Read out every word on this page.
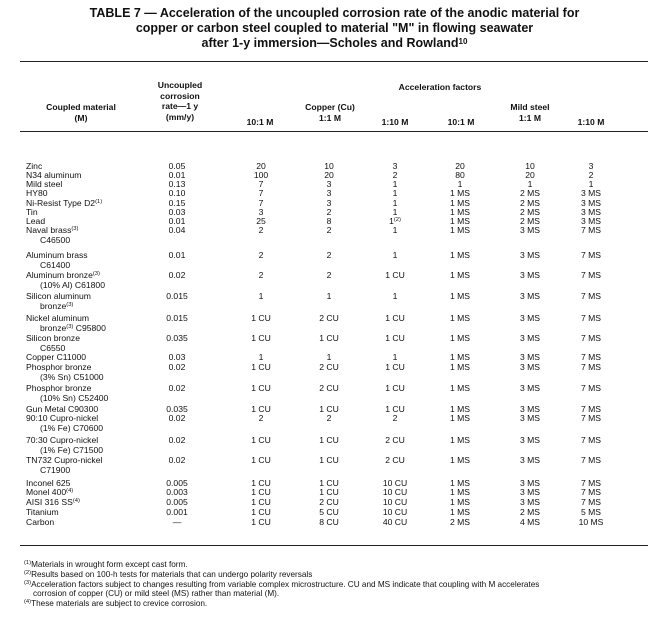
TABLE 7 — Acceleration of the uncoupled corrosion rate of the anodic material for
copper or carbon steel coupled to material "M" in flowing seawater
after 1-y immersion—Scholes and Rowland$^{10}$
Coupled material
(M)
Uncoupled
corrosion
rate—1 y
(mm/y)
Acceleration factors
Copper (Cu)	Mild steel
10:1 M	1:1 M	1:10 M	10:1 M	1:1 M	1:10 M
Zinc	0.05	20	10	3	20	10	3
N34 aluminum	0.01	100	20	2	80	20	2
Mild steel	0.13	7	3	1	1	1	1
HY80	0.10	7	3	1	1 MS	2 MS	3 MS
Ni-Resist Type D2$^{(1)}$	0.15	7	3	1	1 MS	2 MS	3 MS
Tin	0.03	3	2	1	1 MS	2 MS	3 MS
Lead	0.01	25	8	1$^{(2)}$	1 MS	2 MS	3 MS
Naval brass$^{(3)}$
C46500
0.04	2	2	1	1 MS	3 MS	7 MS
Aluminum brass
C61400
0.01	2	2	1	1 MS	3 MS	7 MS
Aluminum bronze$^{(3)}$
(10% Al) C61800
0.02	2	2	1 CU	1 MS	3 MS	7 MS
Silicon aluminum
bronze$^{(3)}$
0.015	1	1	1	1 MS	3 MS	7 MS
Nickel aluminum
bronze$^{(3)}$ C95800
0.015	1 CU	2 CU	1 CU	1 MS	3 MS	7 MS
Silicon bronze
C6550
0.035	1 CU	1 CU	1 CU	1 MS	3 MS	7 MS
Copper C11000	0.03	1	1	1	1 MS	3 MS	7 MS
Phosphor bronze
(3% Sn) C51000
0.02	1 CU	2 CU	1 CU	1 MS	3 MS	7 MS
Phosphor bronze
(10% Sn) C52400
0.02	1 CU	2 CU	1 CU	1 MS	3 MS	7 MS
Gun Metal C90300	0.035	1 CU	1 CU	1 CU	1 MS	3 MS	7 MS
90:10 Cupro-nickel
(1% Fe) C70600
0.02	2	2	2	1 MS	3 MS	7 MS
70:30 Cupro-nickel
(1% Fe) C71500
0.02	1 CU	1 CU	2 CU	1 MS	3 MS	7 MS
TN732 Cupro-nickel
C71900
0.02	1 CU	1 CU	2 CU	1 MS	3 MS	7 MS
Inconel 625	0.005	1 CU	1 CU	10 CU	1 MS	3 MS	7 MS
Monel 400$^{(4)}$	0.003	1 CU	1 CU	10 CU	1 MS	3 MS	7 MS
AISI 316 SS$^{(4)}$	0.005	1 CU	2 CU	10 CU	1 MS	3 MS	7 MS
Titanium	0.001	1 CU	5 CU	10 CU	1 MS	2 MS	5 MS
Carbon	—	1 CU	8 CU	40 CU	2 MS	4 MS	10 MS
$^{(1)}$Materials in wrought form except cast form.
$^{(2)}$Results based on 100-h tests for materials that can undergo polarity reversals
$^{(3)}$Acceleration factors subject to changes resulting from variable complex microstructure. CU and MS indicate that coupling with M accelerates
corrosion of copper (CU) or mild steel (MS) rather than material (M).
$^{(4)}$These materials are subject to crevice corrosion.
